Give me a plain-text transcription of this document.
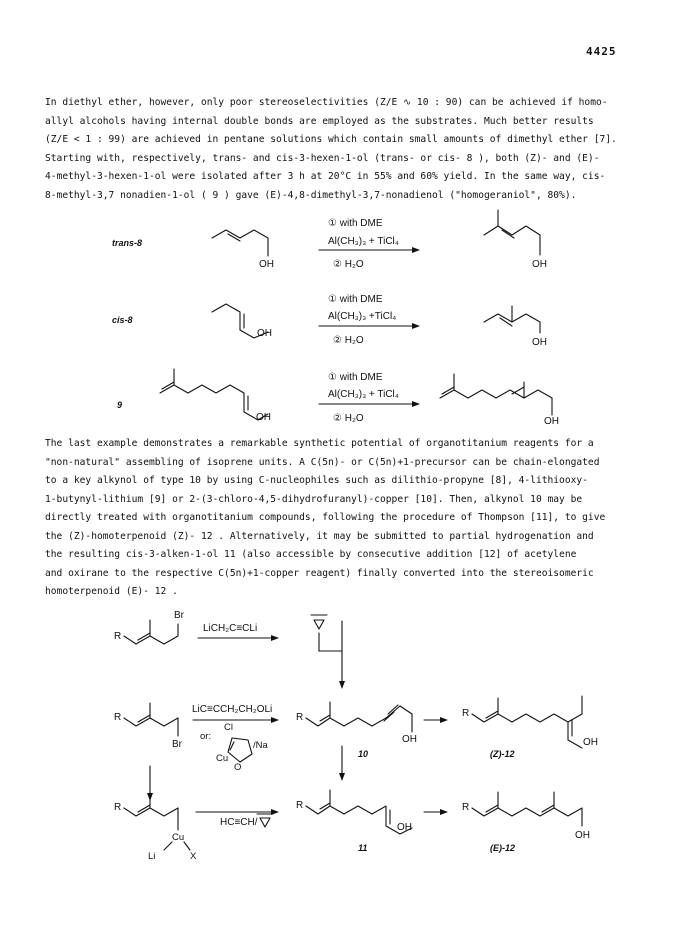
4425
In diethyl ether, however, only poor stereoselectivities (Z/E ∿ 10 : 90) can be achieved if homo-
allyl alcohols having internal double bonds are employed as the substrates. Much better results
(Z/E < 1 : 99) are achieved in pentane solutions which contain small amounts of dimethyl ether [7].
Starting with, respectively, trans- and cis-3-hexen-1-ol (trans- or cis- 8 ), both (Z)- and (E)-
4-methyl-3-hexen-1-ol were isolated after 3 h at 20°C in 55% and 60% yield. In the same way, cis-
8-methyl-3,7 nonadien-1-ol ( 9 ) gave (E)-4,8-dimethyl-3,7-nonadienol ("homogeraniol", 80%).
The last example demonstrates a remarkable synthetic potential of organotitanium reagents for a
"non-natural" assembling of isoprene units. A C(5n)- or C(5n)+1-precursor can be chain-elongated
to a key alkynol of type 10 by using C-nucleophiles such as dilithio-propyne [8], 4-lithiooxy-
1-butynyl-lithium [9] or 2-(3-chloro-4,5-dihydrofuranyl)-copper [10]. Then, alkynol 10 may be
directly treated with organotitanium compounds, following the procedure of Thompson [11], to give
the (Z)-homoterpenoid (Z)- 12 . Alternatively, it may be submitted to partial hydrogenation and
the resulting cis-3-alken-1-ol 11 (also accessible by consecutive addition [12] of acetylene
and oxirane to the respective C(5n)+1-copper reagent) finally converted into the stereoisomeric
homoterpenoid (E)- 12 .
trans-8
OH
① with DME
Al(CH₃)₃ + TiCl₄
② H₂O	OH
cis-8
OH
① with DME
Al(CH₃)₃ +TiCl₄
② H₂O	OH
9
OH
① with DME
Al(CH₃)₃ + TiCl₄
② H₂O	OH
R
Br
LiCH₂C≡CLi
R
Br
LiC≡CCH₂CH₂OLi
Cl
or:
/Na
Cu
O
R
OH
10
R
OH
(Z)-12
R
Cu
Li	X
HC≡CH/
R
OH
11
R
OH
(E)-12
